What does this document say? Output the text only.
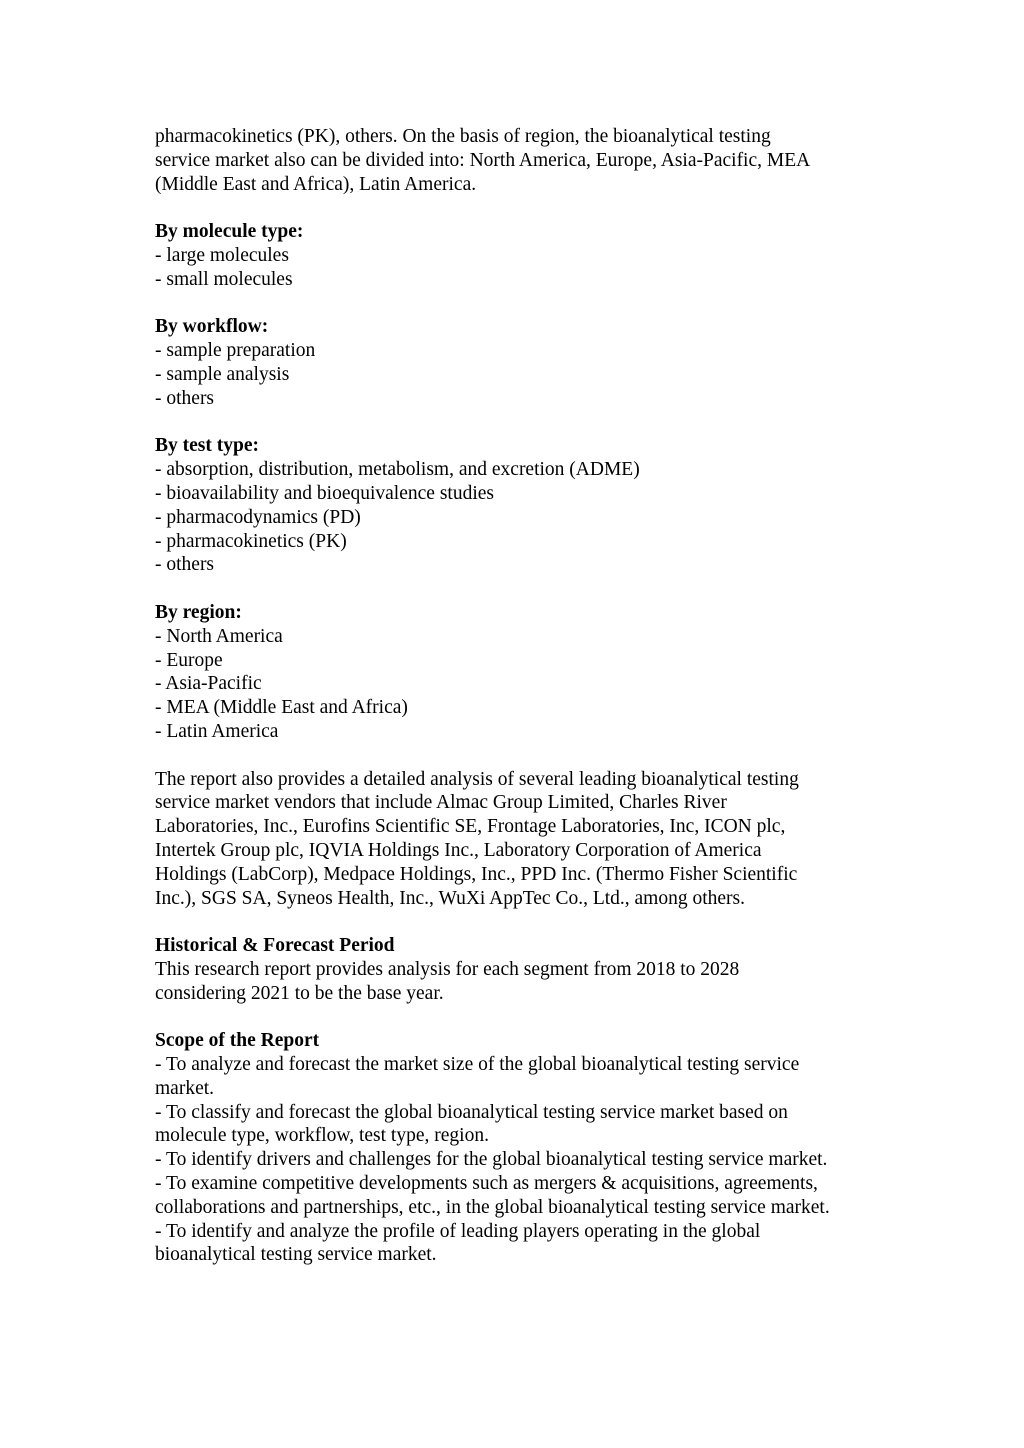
pharmacokinetics (PK), others. On the basis of region, the bioanalytical testing
service market also can be divided into: North America, Europe, Asia-Pacific, MEA
(Middle East and Africa), Latin America.
By molecule type:
- large molecules
- small molecules
By workflow:
- sample preparation
- sample analysis
- others
By test type:
- absorption, distribution, metabolism, and excretion (ADME)
- bioavailability and bioequivalence studies
- pharmacodynamics (PD)
- pharmacokinetics (PK)
- others
By region:
- North America
- Europe
- Asia-Pacific
- MEA (Middle East and Africa)
- Latin America
The report also provides a detailed analysis of several leading bioanalytical testing
service market vendors that include Almac Group Limited, Charles River
Laboratories, Inc., Eurofins Scientific SE, Frontage Laboratories, Inc, ICON plc,
Intertek Group plc, IQVIA Holdings Inc., Laboratory Corporation of America
Holdings (LabCorp), Medpace Holdings, Inc., PPD Inc. (Thermo Fisher Scientific
Inc.), SGS SA, Syneos Health, Inc., WuXi AppTec Co., Ltd., among others.
Historical & Forecast Period
This research report provides analysis for each segment from 2018 to 2028
considering 2021 to be the base year.
Scope of the Report
- To analyze and forecast the market size of the global bioanalytical testing service
market.
- To classify and forecast the global bioanalytical testing service market based on
molecule type, workflow, test type, region.
- To identify drivers and challenges for the global bioanalytical testing service market.
- To examine competitive developments such as mergers & acquisitions, agreements,
collaborations and partnerships, etc., in the global bioanalytical testing service market.
- To identify and analyze the profile of leading players operating in the global
bioanalytical testing service market.
